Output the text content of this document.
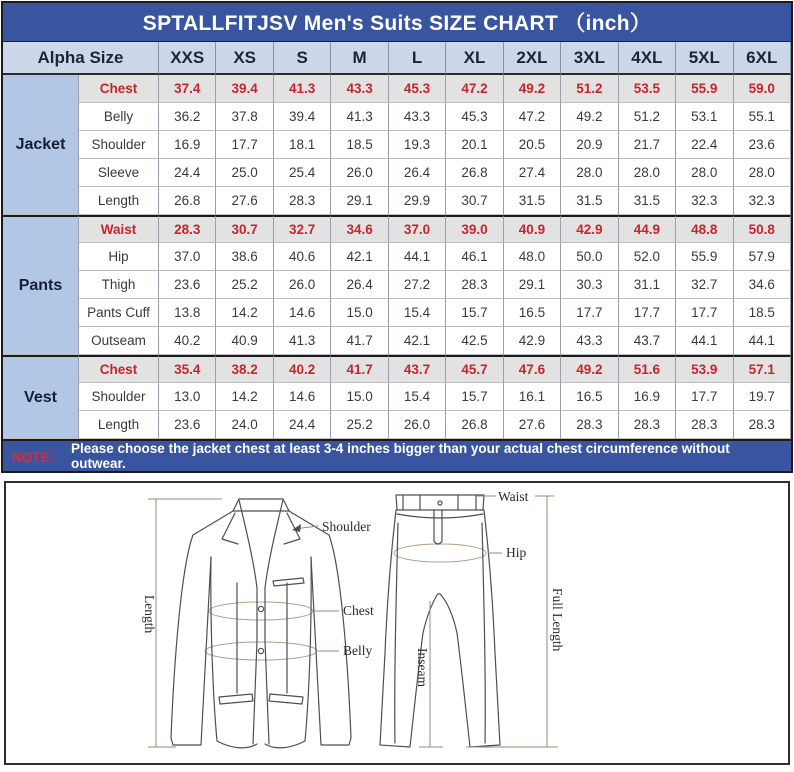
SPTALLFITJSV Men's Suits SIZE CHART （inch）
Alpha Size	XXS	XS	S	M	L	XL	2XL	3XL	4XL	5XL	6XL
Jacket
Chest	37.4	39.4	41.3	43.3	45.3	47.2	49.2	51.2	53.5	55.9	59.0
Belly	36.2	37.8	39.4	41.3	43.3	45.3	47.2	49.2	51.2	53.1	55.1
Shoulder	16.9	17.7	18.1	18.5	19.3	20.1	20.5	20.9	21.7	22.4	23.6
Sleeve	24.4	25.0	25.4	26.0	26.4	26.8	27.4	28.0	28.0	28.0	28.0
Length	26.8	27.6	28.3	29.1	29.9	30.7	31.5	31.5	31.5	32.3	32.3
Pants
Waist	28.3	30.7	32.7	34.6	37.0	39.0	40.9	42.9	44.9	48.8	50.8
Hip	37.0	38.6	40.6	42.1	44.1	46.1	48.0	50.0	52.0	55.9	57.9
Thigh	23.6	25.2	26.0	26.4	27.2	28.3	29.1	30.3	31.1	32.7	34.6
Pants Cuff	13.8	14.2	14.6	15.0	15.4	15.7	16.5	17.7	17.7	17.7	18.5
Outseam	40.2	40.9	41.3	41.7	42.1	42.5	42.9	43.3	43.7	44.1	44.1
Vest
Chest	35.4	38.2	40.2	41.7	43.7	45.7	47.6	49.2	51.6	53.9	57.1
Shoulder	13.0	14.2	14.6	15.0	15.4	15.7	16.1	16.5	16.9	17.7	19.7
Length	23.6	24.0	24.4	25.2	26.0	26.8	27.6	28.3	28.3	28.3	28.3
NOTE：
Please choose the jacket chest at least 3-4 inches bigger than your actual chest circumference without outwear.
Length
Shoulder
Chest
Belly
Waist
Hip
Inseam
Full Length
